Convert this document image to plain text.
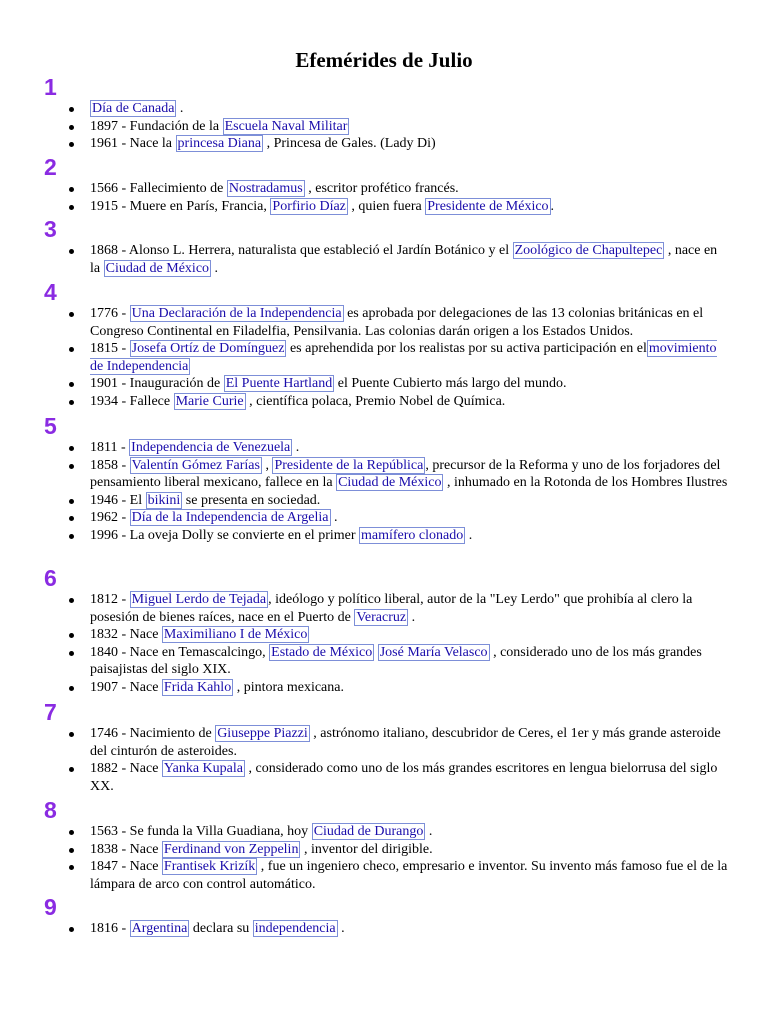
Efemérides de Julio
1
Día de Canada .
1897 - Fundación de la Escuela Naval Militar
1961 - Nace la princesa Diana , Princesa de Gales. (Lady Di)
2
1566 - Fallecimiento de Nostradamus , escritor profético francés.
1915 - Muere en París, Francia, Porfirio Díaz , quien fuera Presidente de México .
3
1868 - Alonso L. Herrera, naturalista que estableció el Jardín Botánico y el Zoológico de Chapultepec , nace en la Ciudad de México .
4
1776 - Una Declaración de la Independencia es aprobada por delegaciones de las 13 colonias británicas en el Congreso Continental en Filadelfia, Pensilvania. Las colonias darán origen a los Estados Unidos.
1815 - Josefa Ortíz de Domínguez es aprehendida por los realistas por su activa participación en el movimiento de Independencia
1901 - Inauguración de El Puente Hartland el Puente Cubierto más largo del mundo.
1934 - Fallece Marie Curie , científica polaca, Premio Nobel de Química.
5
1811 - Independencia de Venezuela .
1858 - Valentín Gómez Farías , Presidente de la República , precursor de la Reforma y uno de los forjadores del pensamiento liberal mexicano, fallece en la Ciudad de México , inhumado en la Rotonda de los Hombres Ilustres
1946 - El bikini se presenta en sociedad.
1962 - Día de la Independencia de Argelia .
1996 - La oveja Dolly se convierte en el primer mamífero clonado .
6
1812 - Miguel Lerdo de Tejada , ideólogo y político liberal, autor de la "Ley Lerdo" que prohibía al clero la posesión de bienes raíces, nace en el Puerto de Veracruz .
1832 - Nace Maximiliano I de México
1840 - Nace en Temascalcingo, Estado de México José María Velasco , considerado uno de los más grandes paisajistas del siglo XIX.
1907 - Nace Frida Kahlo , pintora mexicana.
7
1746 - Nacimiento de Giuseppe Piazzi , astrónomo italiano, descubridor de Ceres, el 1er y más grande asteroide del cinturón de asteroides.
1882 - Nace Yanka Kupala , considerado como uno de los más grandes escritores en lengua bielorrusa del siglo XX.
8
1563 - Se funda la Villa Guadiana, hoy Ciudad de Durango .
1838 - Nace Ferdinand von Zeppelin , inventor del dirigible.
1847 - Nace Frantisek Krizík , fue un ingeniero checo, empresario e inventor. Su invento más famoso fue el de la lámpara de arco con control automático.
9
1816 - Argentina declara su independencia .
